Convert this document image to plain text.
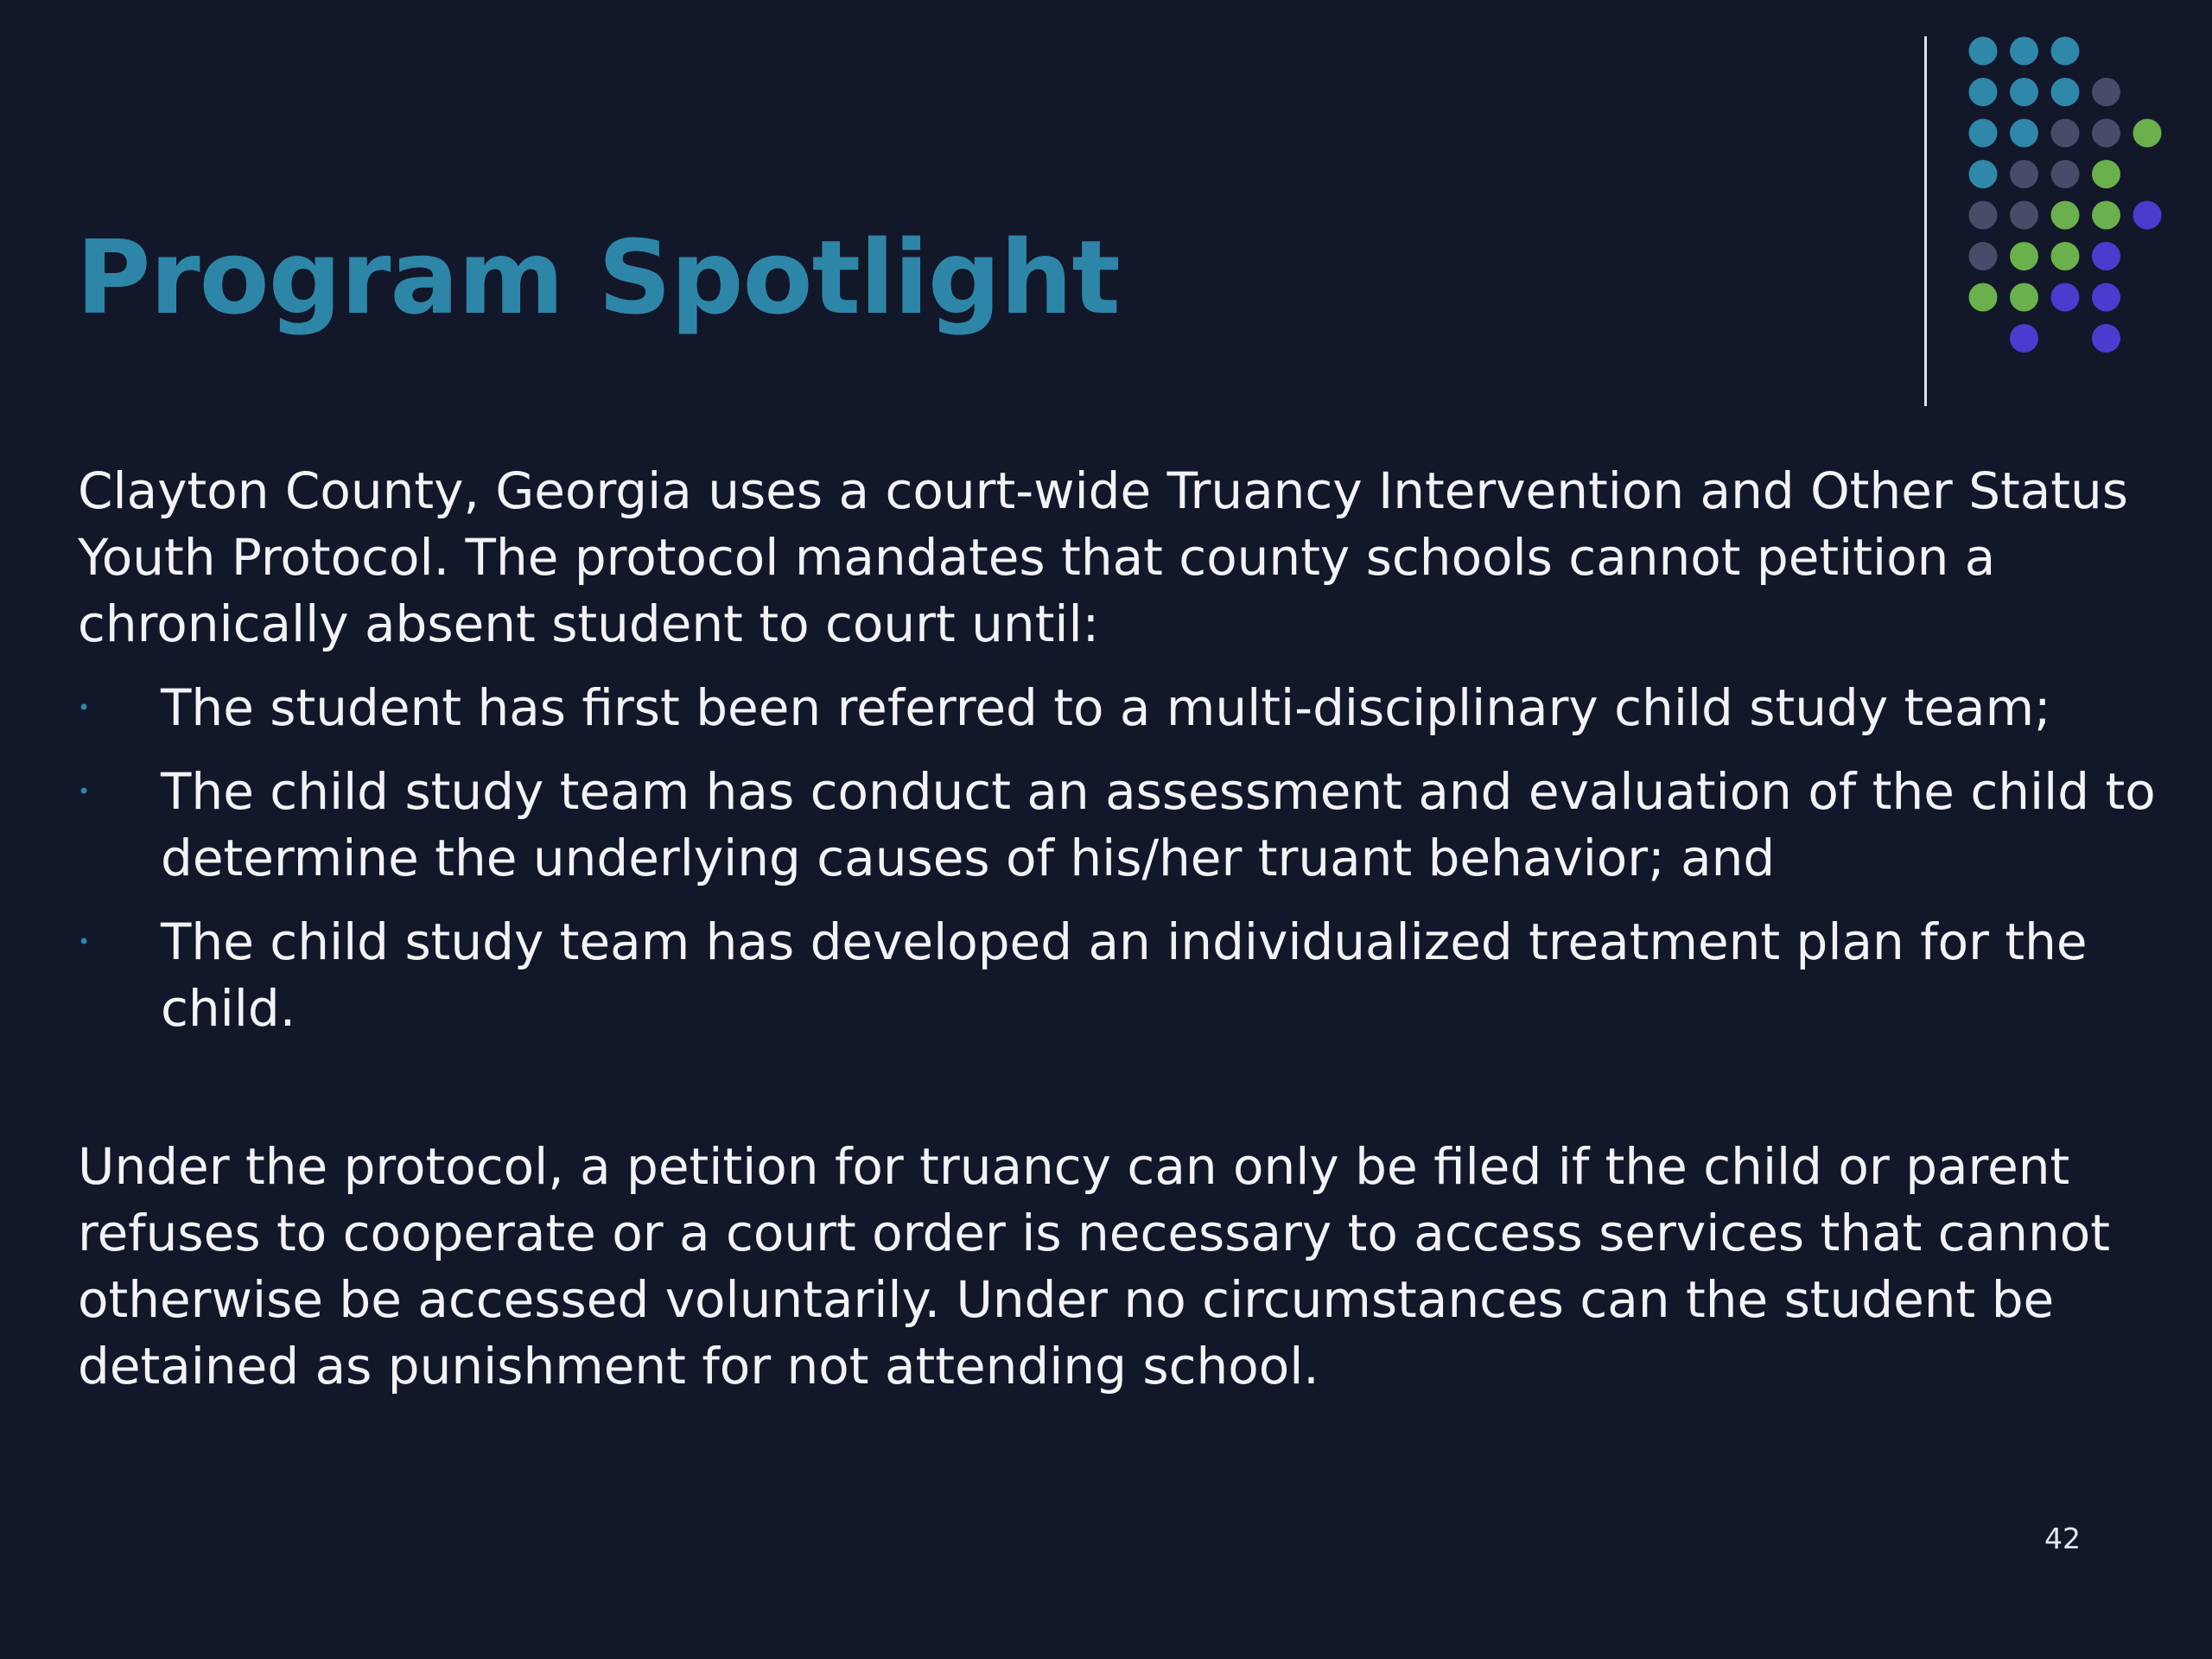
Program Spotlight

Clayton County, Georgia uses a court-wide Truancy Intervention and Other Status Youth Protocol. The protocol mandates that county schools cannot petition a chronically absent student to court until:

• The student has first been referred to a multi-disciplinary child study team;
• The child study team has conduct an assessment and evaluation of the child to determine the underlying causes of his/her truant behavior; and
• The child study team has developed an individualized treatment plan for the child.

Under the protocol, a petition for truancy can only be filed if the child or parent refuses to cooperate or a court order is necessary to access services that cannot otherwise be accessed voluntarily. Under no circumstances can the student be detained as punishment for not attending school.

42
